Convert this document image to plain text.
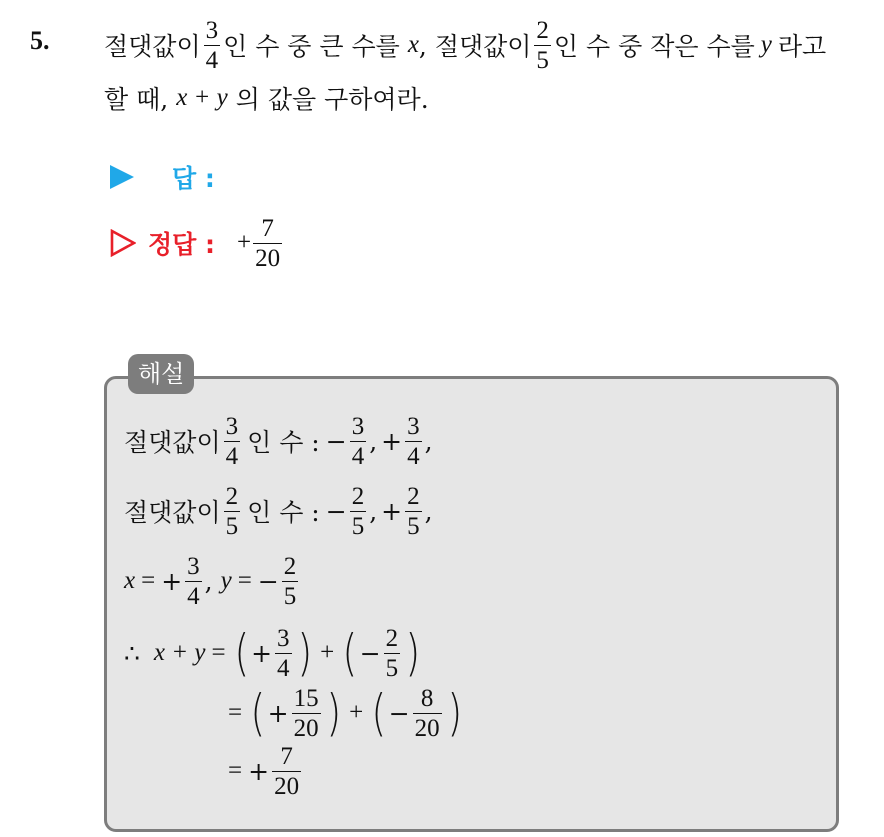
5. 절댓값이 $\frac{3}{4}$ 인 수 중 큰 수를 x , 절댓값이 $\frac{2}{5}$ 인 수 중 작은 수를 y 라고
할 때, x + y 의 값을 구하여라.
답 :
정답 : + $\frac{7}{20}$
해설
절댓값이 $\frac{3}{4}$ 인 수 : − $\frac{3}{4}$ , + $\frac{3}{4}$ ,
절댓값이 $\frac{2}{5}$ 인 수 : − $\frac{2}{5}$ , + $\frac{2}{5}$ ,
x = + $\frac{3}{4}$ , y = − $\frac{2}{5}$
∴ x + y = ( + $\frac{3}{4}$ ) + ( − $\frac{2}{5}$ )
= ( + $\frac{15}{20}$ ) + ( − $\frac{8}{20}$ )
= + $\frac{7}{20}$
